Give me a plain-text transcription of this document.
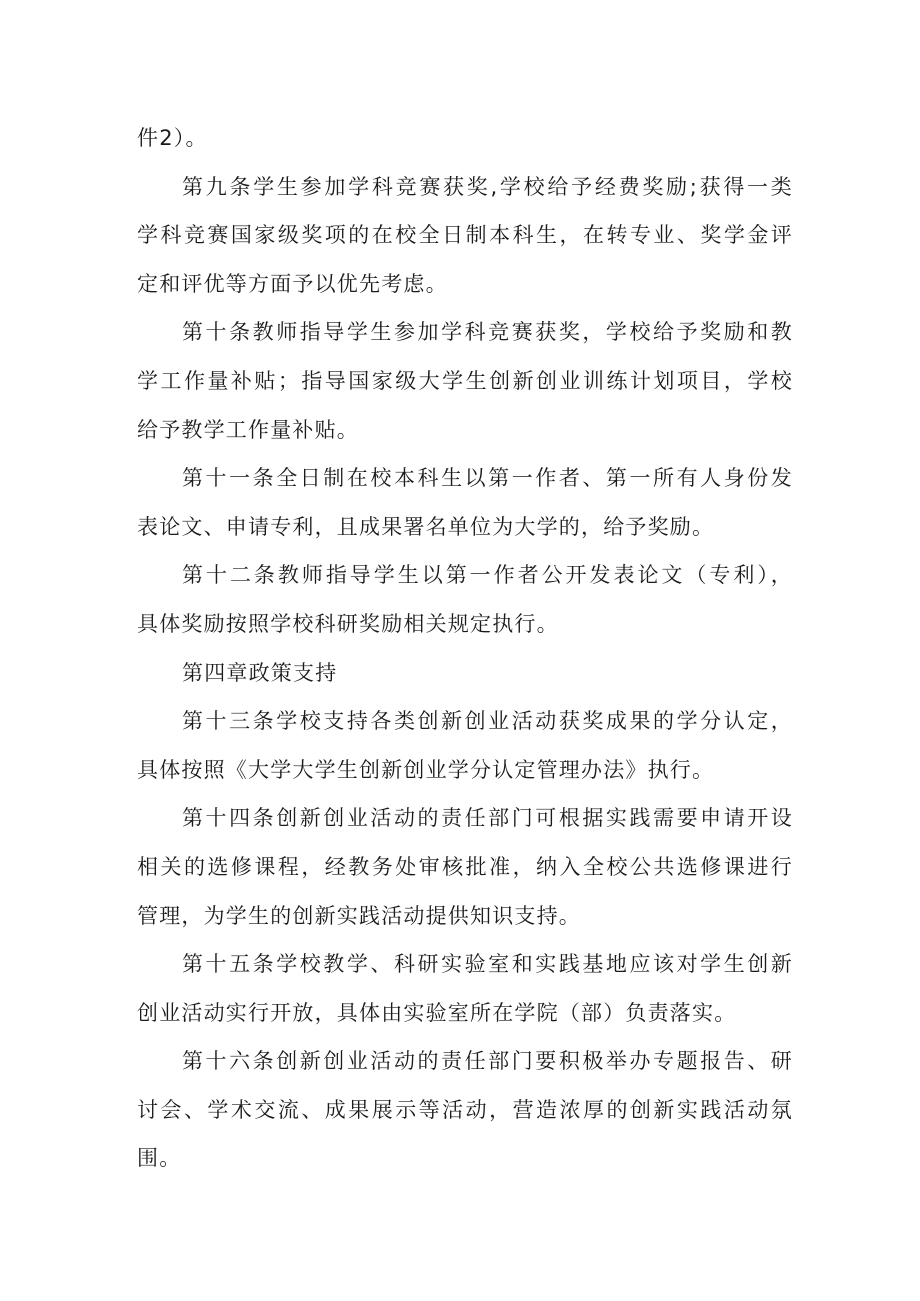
件2）。

第九条学生参加学科竞赛获奖,学校给予经费奖励;获得一类
学科竞赛国家级奖项的在校全日制本科生，在转专业、奖学金评
定和评优等方面予以优先考虑。

第十条教师指导学生参加学科竞赛获奖，学校给予奖励和教
学工作量补贴；指导国家级大学生创新创业训练计划项目，学校
给予教学工作量补贴。

第十一条全日制在校本科生以第一作者、第一所有人身份发
表论文、申请专利，且成果署名单位为大学的，给予奖励。

第十二条教师指导学生以第一作者公开发表论文（专利），
具体奖励按照学校科研奖励相关规定执行。

第四章政策支持

第十三条学校支持各类创新创业活动获奖成果的学分认定，
具体按照《大学大学生创新创业学分认定管理办法》执行。

第十四条创新创业活动的责任部门可根据实践需要申请开设
相关的选修课程，经教务处审核批准，纳入全校公共选修课进行
管理，为学生的创新实践活动提供知识支持。

第十五条学校教学、科研实验室和实践基地应该对学生创新
创业活动实行开放，具体由实验室所在学院（部）负责落实。

第十六条创新创业活动的责任部门要积极举办专题报告、研
讨会、学术交流、成果展示等活动，营造浓厚的创新实践活动氛
围。
